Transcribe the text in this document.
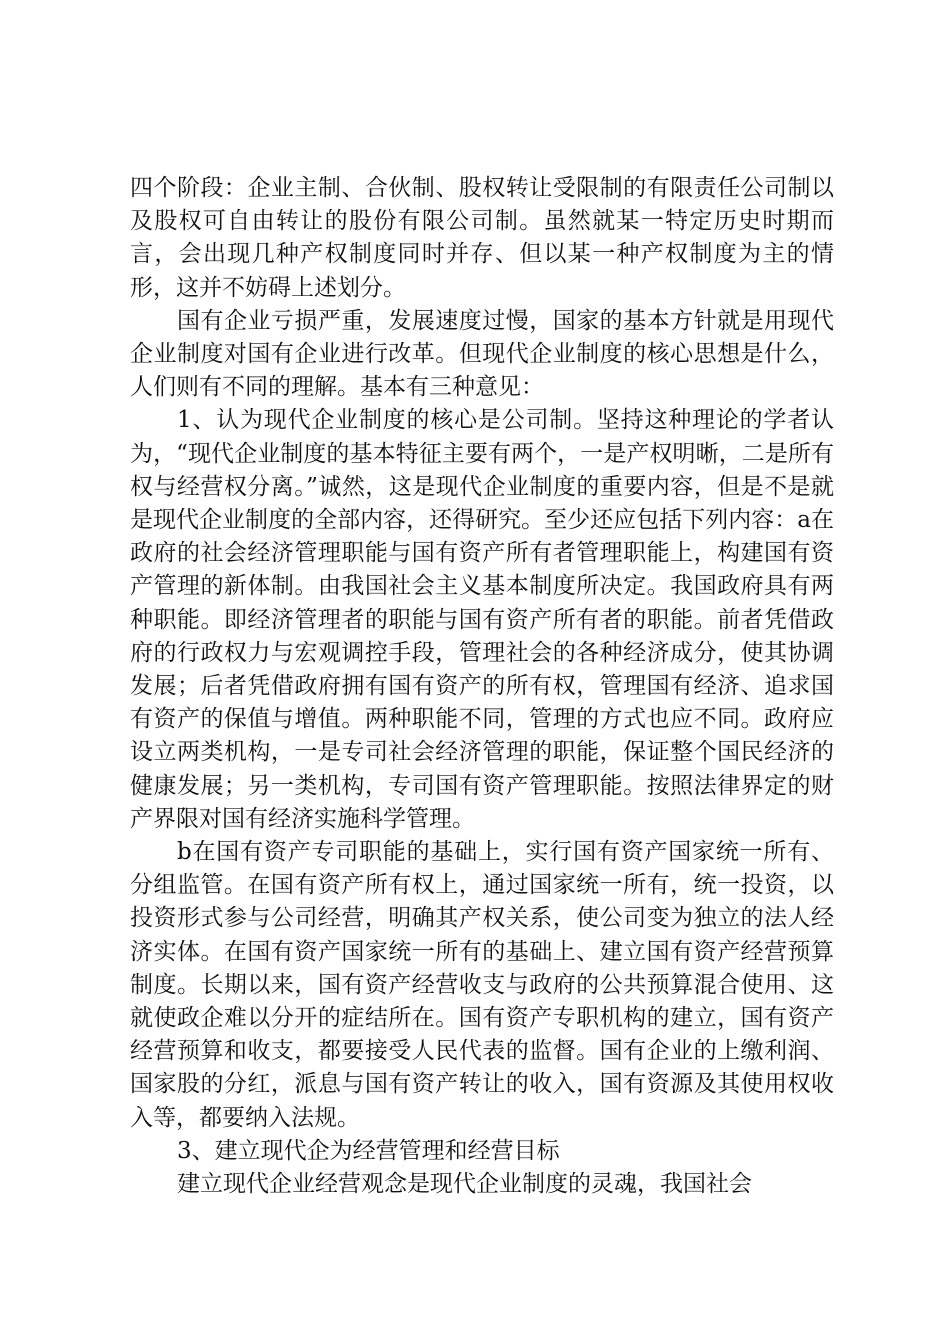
四个阶段：企业主制、合伙制、股权转让受限制的有限责任公司制以及股权可自由转让的股份有限公司制。虽然就某一特定历史时期而言，会出现几种产权制度同时并存、但以某一种产权制度为主的情形，这并不妨碍上述划分。

国有企业亏损严重，发展速度过慢，国家的基本方针就是用现代企业制度对国有企业进行改革。但现代企业制度的核心思想是什么，人们则有不同的理解。基本有三种意见：

1、认为现代企业制度的核心是公司制。坚持这种理论的学者认为，“现代企业制度的基本特征主要有两个，一是产权明晰，二是所有权与经营权分离。”诚然，这是现代企业制度的重要内容，但是不是就是现代企业制度的全部内容，还得研究。至少还应包括下列内容：a在政府的社会经济管理职能与国有资产所有者管理职能上，构建国有资产管理的新体制。由我国社会主义基本制度所决定。我国政府具有两种职能。即经济管理者的职能与国有资产所有者的职能。前者凭借政府的行政权力与宏观调控手段，管理社会的各种经济成分，使其协调发展；后者凭借政府拥有国有资产的所有权，管理国有经济、追求国有资产的保值与增值。两种职能不同，管理的方式也应不同。政府应设立两类机构，一是专司社会经济管理的职能，保证整个国民经济的健康发展；另一类机构，专司国有资产管理职能。按照法律界定的财产界限对国有经济实施科学管理。

b在国有资产专司职能的基础上，实行国有资产国家统一所有、分组监管。在国有资产所有权上，通过国家统一所有，统一投资，以投资形式参与公司经营，明确其产权关系，使公司变为独立的法人经济实体。在国有资产国家统一所有的基础上、建立国有资产经营预算制度。长期以来，国有资产经营收支与政府的公共预算混合使用、这就使政企难以分开的症结所在。国有资产专职机构的建立，国有资产经营预算和收支，都要接受人民代表的监督。国有企业的上缴利润、国家股的分红，派息与国有资产转让的收入，国有资源及其使用权收入等，都要纳入法规。

3、建立现代企为经营管理和经营目标

建立现代企业经营观念是现代企业制度的灵魂，我国社会
